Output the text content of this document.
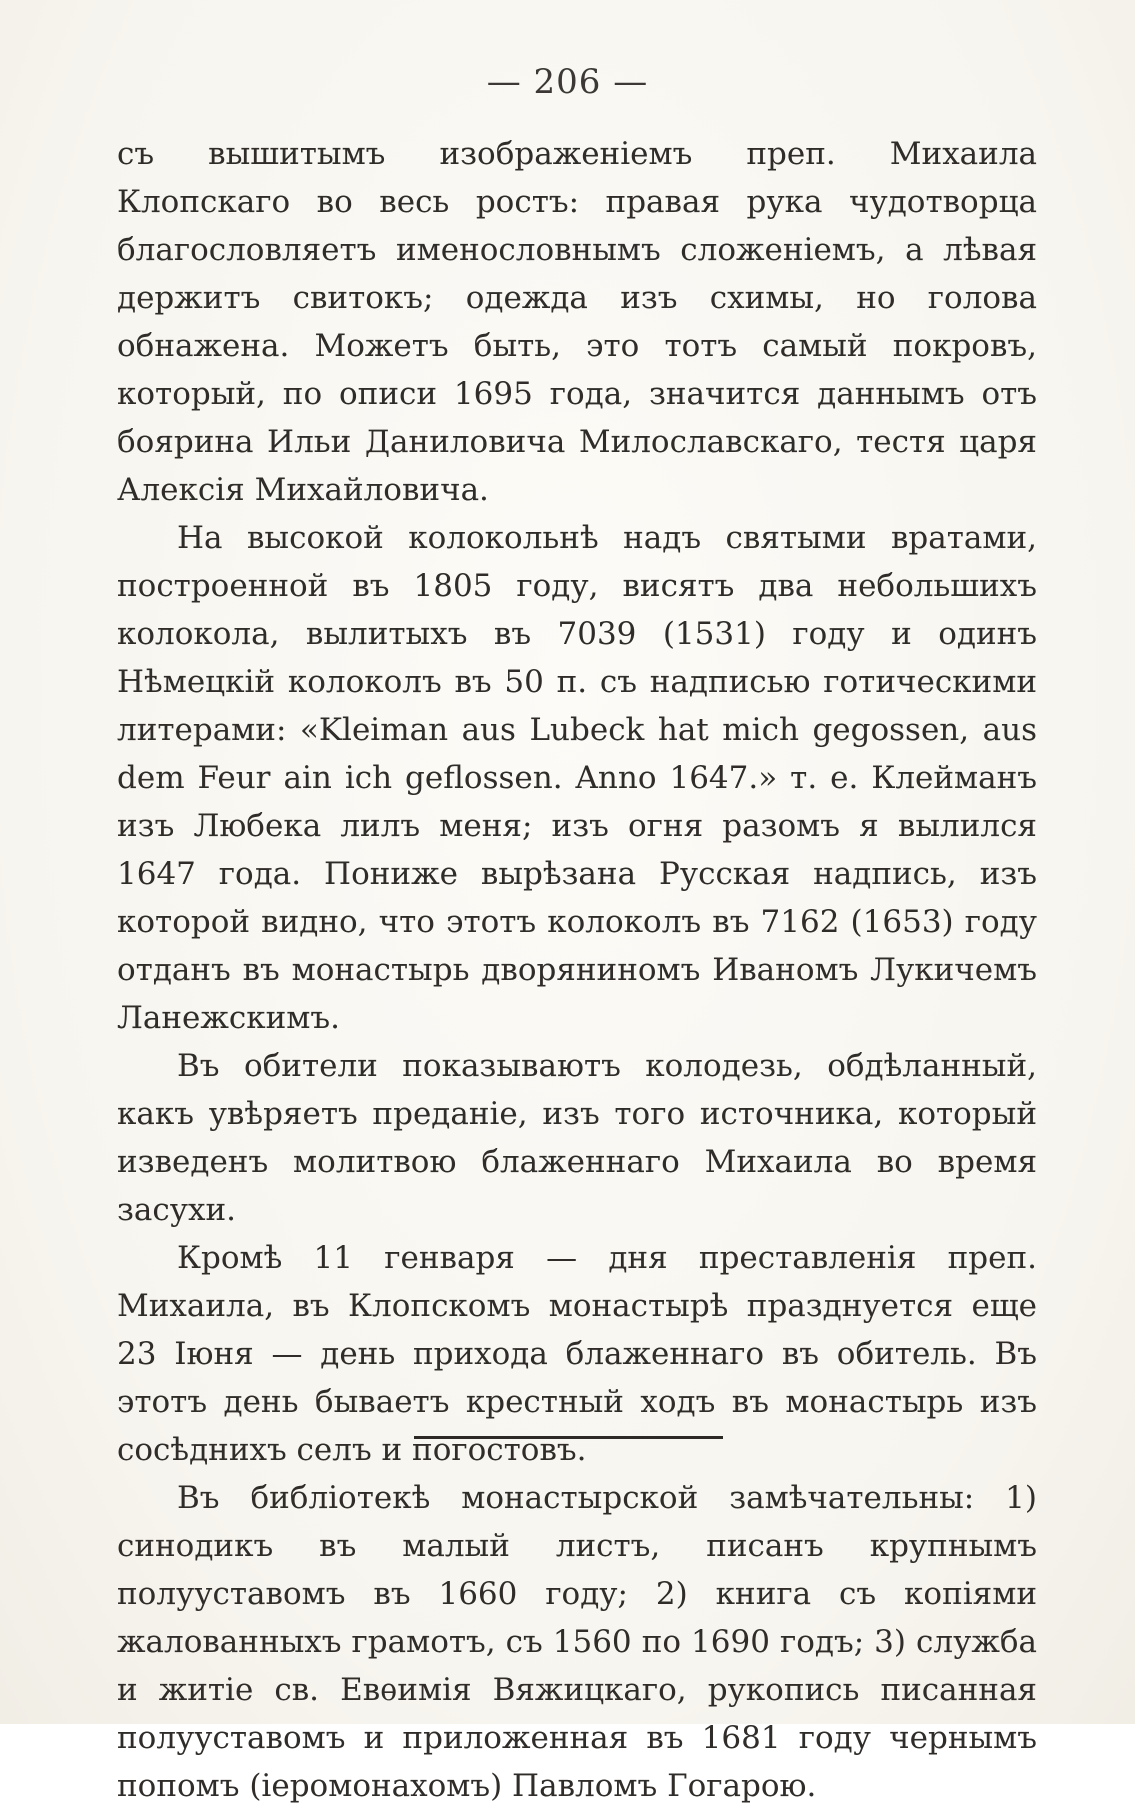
— 206 —

съ вышитымъ изображенiемъ преп. Михаила Клопскаго во весь ростъ: правая рука чудотворца благословляетъ именословнымъ сложенiемъ, а лѣвая держитъ свитокъ; одежда изъ схимы, но голова обнажена. Можетъ быть, это тотъ самый покровъ, который, по описи 1695 года, значится даннымъ отъ боярина Ильи Даниловича Милославскаго, тестя царя Алексiя Михайловича.

На высокой колокольнѣ надъ святыми вратами, построенной въ 1805 году, висятъ два небольшихъ колокола, вылитыхъ въ 7039 (1531) году и одинъ Нѣмецкiй колоколъ въ 50 п. съ надписью готическими литерами: «Kleiman aus Lubeck hat mich gegossen, aus dem Feur ain ich geflossen. Anno 1647.» т. е. Клейманъ изъ Любека лилъ меня; изъ огня разомъ я вылился 1647 года. Пониже вырѣзана Русская надпись, изъ которой видно, что этотъ колоколъ въ 7162 (1653) году отданъ въ монастырь дворяниномъ Иваномъ Лукичемъ Ланежскимъ.

Въ обители показываютъ колодезь, обдѣланный, какъ увѣряетъ преданiе, изъ того источника, который изведенъ молитвою блаженнаго Михаила во время засухи.

Кромѣ 11 генваря — дня преставленiя преп. Михаила, въ Клопскомъ монастырѣ празднуется еще 23 Iюня — день прихода блаженнаго въ обитель. Въ этотъ день бываетъ крестный ходъ въ монастырь изъ сосѣднихъ селъ и погостовъ.

Въ библiотекѣ монастырской замѣчательны: 1) синодикъ въ малый листъ, писанъ крупнымъ полууставомъ въ 1660 году; 2) книга съ копiями жалованныхъ грамотъ, съ 1560 по 1690 годъ; 3) служба и житiе св. Евѳимiя Вяжицкаго, рукопись писанная полууставомъ и приложенная въ 1681 году чернымъ попомъ (iеромонахомъ) Павломъ Гогарою.
